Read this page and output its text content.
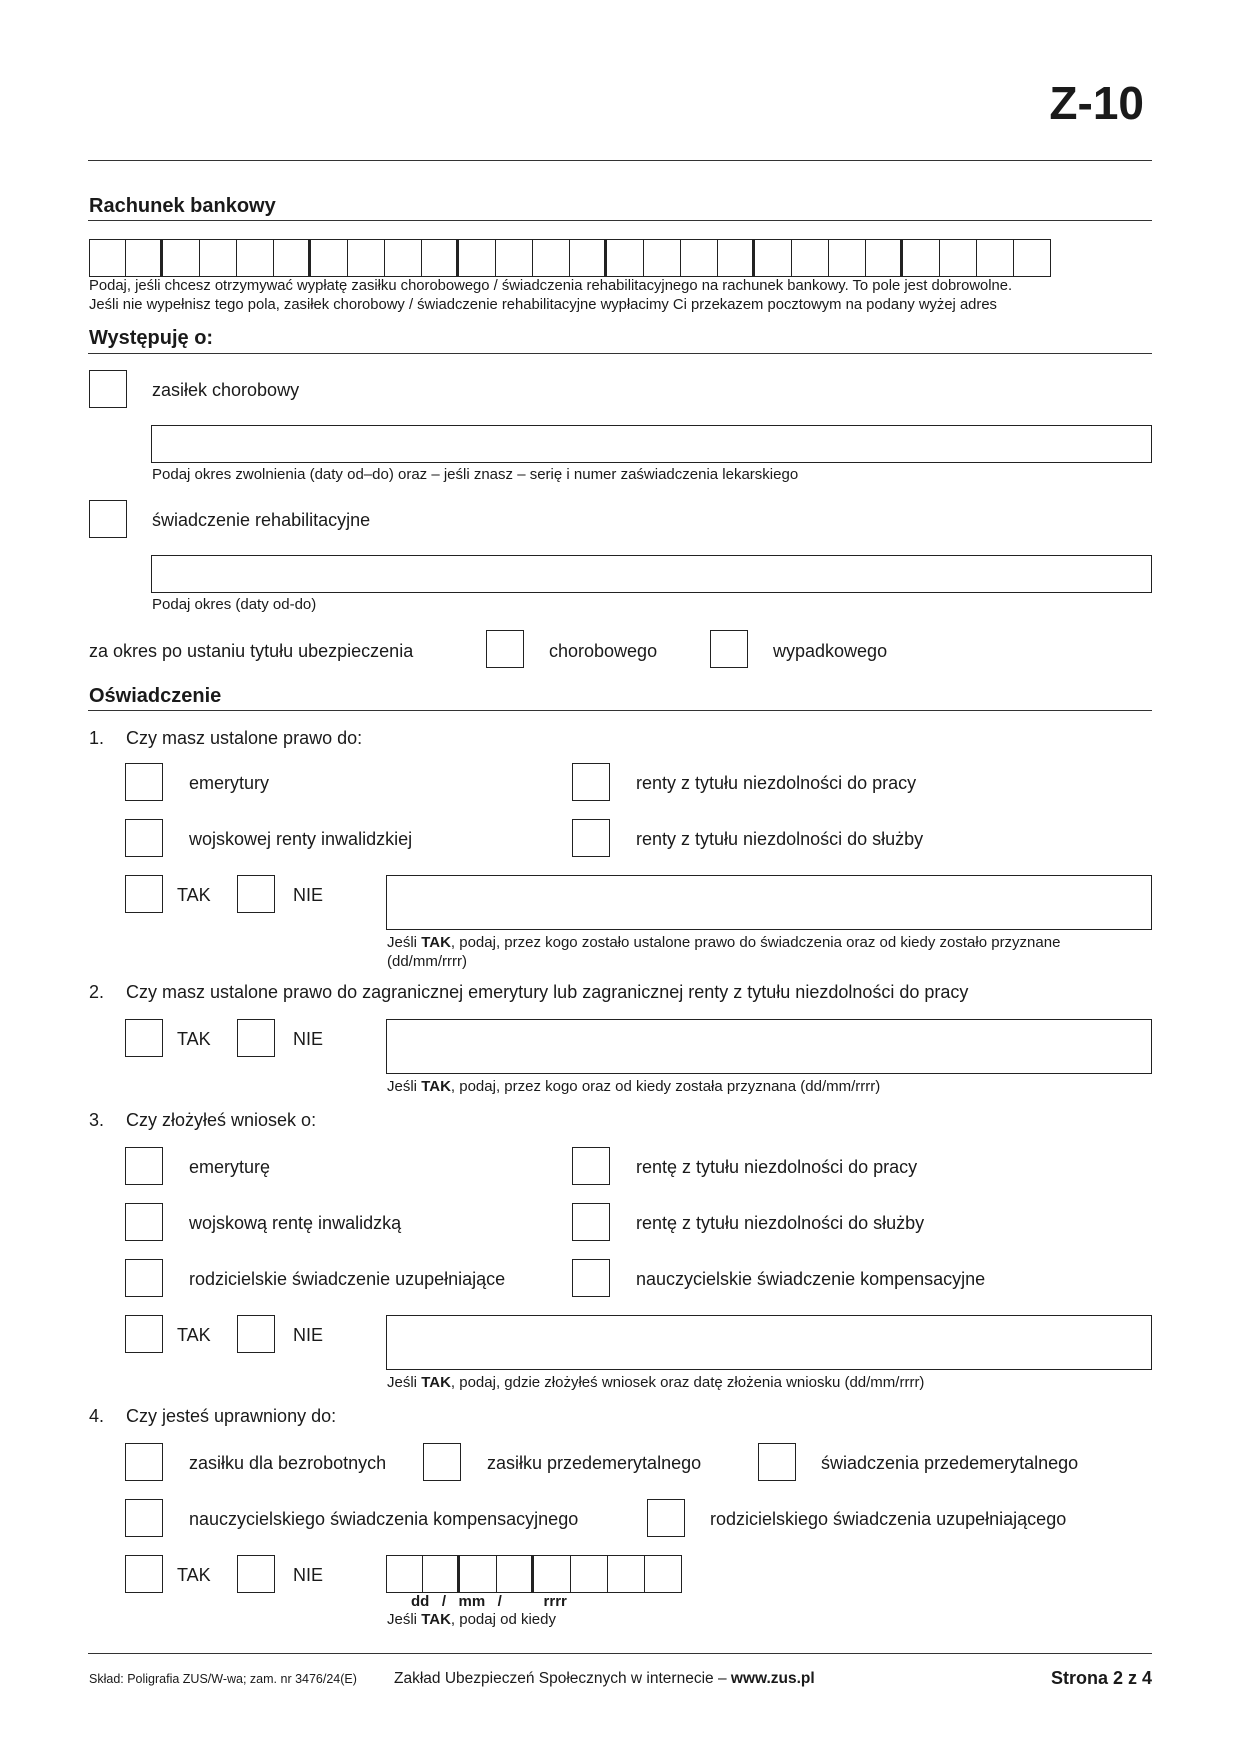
Z-10
Rachunek bankowy
Podaj, jeśli chcesz otrzymywać wypłatę zasiłku chorobowego / świadczenia rehabilitacyjnego na rachunek bankowy. To pole jest dobrowolne.
Jeśli nie wypełnisz tego pola, zasiłek chorobowy / świadczenie rehabilitacyjne wypłacimy Ci przekazem pocztowym na podany wyżej adres
Występuję o:
zasiłek chorobowy
Podaj okres zwolnienia (daty od–do) oraz – jeśli znasz – serię i numer zaświadczenia lekarskiego
świadczenie rehabilitacyjne
Podaj okres (daty od-do)
za okres po ustaniu tytułu ubezpieczenia	chorobowego	wypadkowego
Oświadczenie
1. Czy masz ustalone prawo do:
emerytury	renty z tytułu niezdolności do pracy
wojskowej renty inwalidzkiej	renty z tytułu niezdolności do służby
TAK	NIE
Jeśli TAK, podaj, przez kogo zostało ustalone prawo do świadczenia oraz od kiedy zostało przyznane
(dd/mm/rrrr)
2. Czy masz ustalone prawo do zagranicznej emerytury lub zagranicznej renty z tytułu niezdolności do pracy
TAK	NIE
Jeśli TAK, podaj, przez kogo oraz od kiedy została przyznana (dd/mm/rrrr)
3. Czy złożyłeś wniosek o:
emeryturę	rentę z tytułu niezdolności do pracy
wojskową rentę inwalidzką	rentę z tytułu niezdolności do służby
rodzicielskie świadczenie uzupełniające	nauczycielskie świadczenie kompensacyjne
TAK	NIE
Jeśli TAK, podaj, gdzie złożyłeś wniosek oraz datę złożenia wniosku (dd/mm/rrrr)
4. Czy jesteś uprawniony do:
zasiłku dla bezrobotnych	zasiłku przedemerytalnego	świadczenia przedemerytalnego
nauczycielskiego świadczenia kompensacyjnego	rodzicielskiego świadczenia uzupełniającego
TAK	NIE
dd   /   mm   /          rrrr
Jeśli TAK, podaj od kiedy
Skład: Poligrafia ZUS/W-wa; zam. nr 3476/24(E) Zakład Ubezpieczeń Społecznych w internecie – www.zus.pl	Strona 2 z 4
